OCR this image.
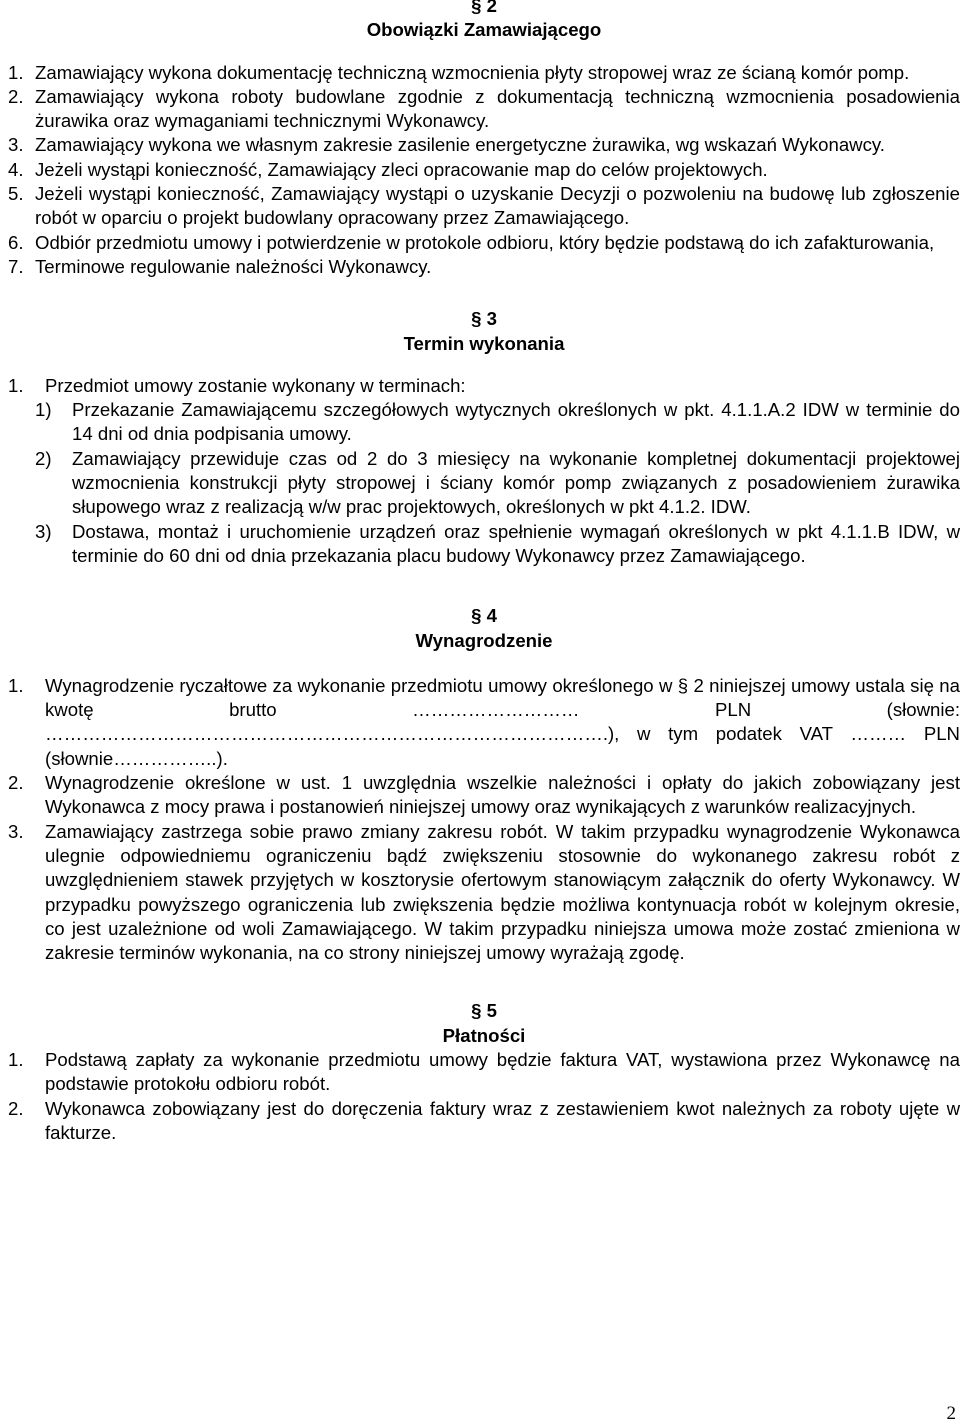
§ 2
Obowiązki Zamawiającego
1. Zamawiający wykona dokumentację techniczną wzmocnienia płyty stropowej wraz ze ścianą komór pomp.
2. Zamawiający wykona roboty budowlane zgodnie z dokumentacją techniczną wzmocnienia posadowienia żurawika oraz wymaganiami technicznymi Wykonawcy.
3. Zamawiający wykona we własnym zakresie zasilenie energetyczne żurawika, wg wskazań Wykonawcy.
4. Jeżeli wystąpi konieczność, Zamawiający zleci opracowanie map do celów projektowych.
5. Jeżeli wystąpi konieczność, Zamawiający wystąpi o uzyskanie Decyzji o pozwoleniu na budowę lub zgłoszenie robót w oparciu o projekt budowlany opracowany przez Zamawiającego.
6. Odbiór przedmiotu umowy i potwierdzenie w protokole odbioru, który będzie podstawą do ich zafakturowania,
7. Terminowe regulowanie należności Wykonawcy.
§ 3
Termin wykonania
1.	Przedmiot umowy zostanie wykonany w terminach:
1)	Przekazanie Zamawiającemu szczegółowych wytycznych określonych w pkt. 4.1.1.A.2 IDW w terminie do 14 dni od dnia podpisania umowy.
2)	Zamawiający przewiduje czas od 2 do 3 miesięcy na wykonanie kompletnej dokumentacji projektowej wzmocnienia konstrukcji płyty stropowej i ściany komór pomp związanych z posadowieniem żurawika słupowego wraz z realizacją w/w prac projektowych, określonych w pkt 4.1.2. IDW.
3)	Dostawa, montaż i uruchomienie urządzeń oraz spełnienie wymagań określonych w pkt 4.1.1.B IDW, w terminie do 60 dni od dnia przekazania placu budowy Wykonawcy przez Zamawiającego.
§ 4
Wynagrodzenie
1.	Wynagrodzenie ryczałtowe za wykonanie przedmiotu umowy określonego w § 2 niniejszej umowy ustala się na kwotę brutto ……………………… PLN (słownie: ……………………………………………………………………………….), w tym podatek VAT ……… PLN (słownie……………..).
2.	Wynagrodzenie określone w ust. 1 uwzględnia wszelkie należności i opłaty do jakich zobowiązany jest Wykonawca z mocy prawa i postanowień niniejszej umowy oraz wynikających z warunków realizacyjnych.
3.	Zamawiający zastrzega sobie prawo zmiany zakresu robót. W takim przypadku wynagrodzenie Wykonawca ulegnie odpowiedniemu ograniczeniu bądź zwiększeniu stosownie do wykonanego zakresu robót z uwzględnieniem stawek przyjętych w kosztorysie ofertowym stanowiącym załącznik do oferty Wykonawcy. W przypadku powyższego ograniczenia lub zwiększenia będzie możliwa kontynuacja robót w kolejnym okresie, co jest uzależnione od woli Zamawiającego. W takim przypadku niniejsza umowa może zostać zmieniona w zakresie terminów wykonania, na co strony niniejszej umowy wyrażają zgodę.
§ 5
Płatności
1.	Podstawą zapłaty za wykonanie przedmiotu umowy będzie faktura VAT, wystawiona przez Wykonawcę na podstawie protokołu odbioru robót.
2.	Wykonawca zobowiązany jest do doręczenia faktury wraz z zestawieniem kwot należnych za roboty ujęte w fakturze.
2
